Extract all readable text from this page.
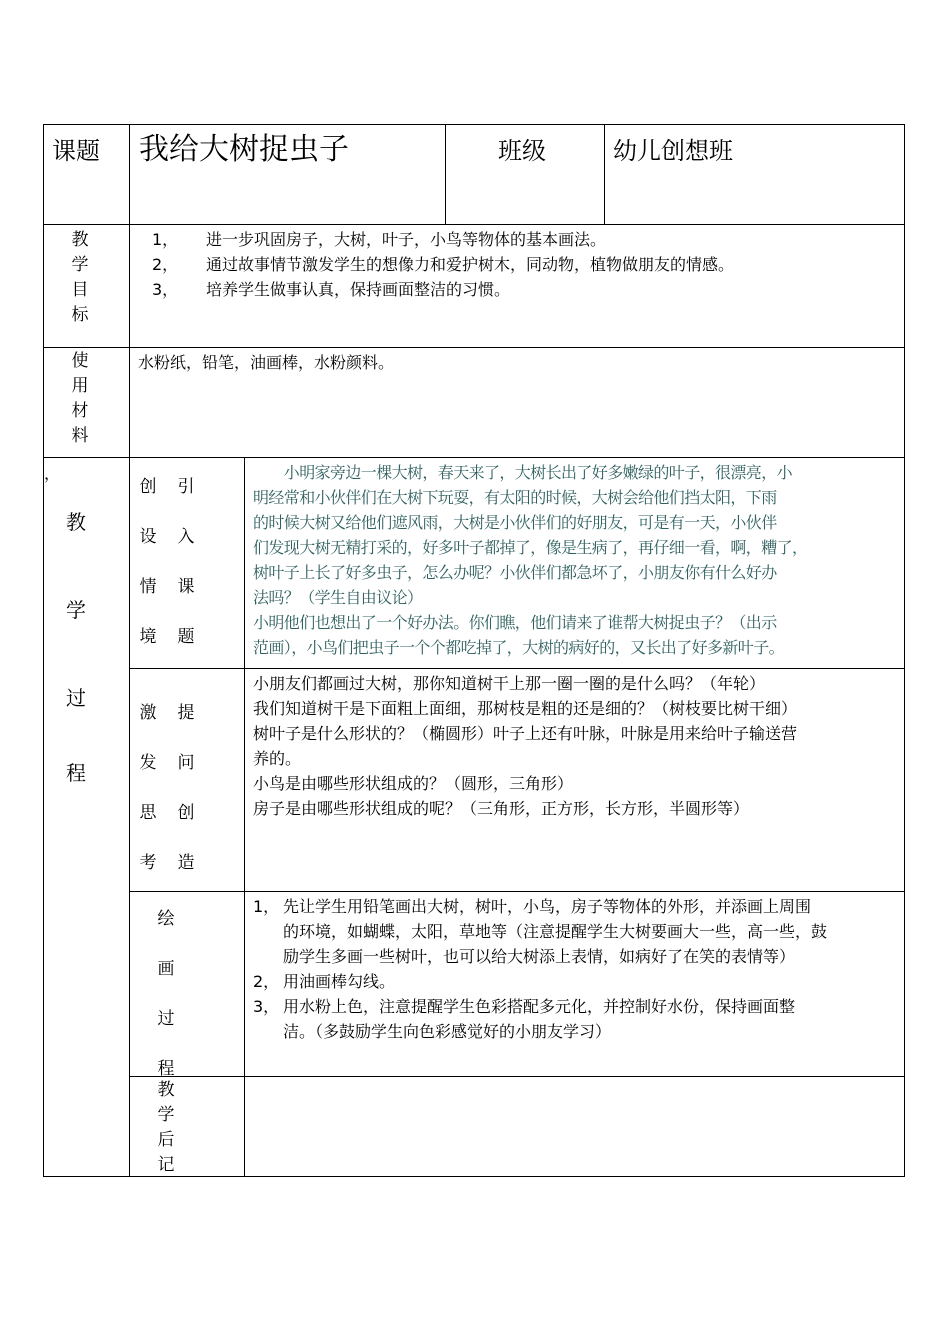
课题 我给大树捉虫子	班级	幼儿创想班
教
学
目
标
1， 进一步巩固房子，大树，叶子，小鸟等物体的基本画法。
2， 通过故事情节激发学生的想像力和爱护树木，同动物，植物做朋友的情感。
3， 培养学生做事认真，保持画面整洁的习惯。
使
用
材
料
水粉纸，铅笔，油画棒，水粉颜料。
，
教
学
过
程
创
设
情
境
引
入
课
题
　　小明家旁边一棵大树，春天来了，大树长出了好多嫩绿的叶子，很漂亮，小
明经常和小伙伴们在大树下玩耍，有太阳的时候，大树会给他们挡太阳，下雨
的时候大树又给他们遮风雨，大树是小伙伴们的好朋友，可是有一天，小伙伴
们发现大树无精打采的，好多叶子都掉了，像是生病了，再仔细一看，啊，糟了，
树叶子上长了好多虫子，怎么办呢？小伙伴们都急坏了，小朋友你有什么好办
法吗？（学生自由议论）
小明他们也想出了一个好办法。你们瞧，他们请来了谁帮大树捉虫子？（出示
范画），小鸟们把虫子一个个都吃掉了，大树的病好的，又长出了好多新叶子。
激
发
思
考
提
问
创
造
小朋友们都画过大树，那你知道树干上那一圈一圈的是什么吗？（年轮）
我们知道树干是下面粗上面细，那树枝是粗的还是细的？（树枝要比树干细）
树叶子是什么形状的？（椭圆形）叶子上还有叶脉，叶脉是用来给叶子输送营
养的。
小鸟是由哪些形状组成的？（圆形，三角形）
房子是由哪些形状组成的呢？（三角形，正方形，长方形，半圆形等）
绘
画
过
程
1， 先让学生用铅笔画出大树，树叶，小鸟，房子等物体的外形，并添画上周围
的环境，如蝴蝶，太阳，草地等（注意提醒学生大树要画大一些，高一些，鼓
励学生多画一些树叶，也可以给大树添上表情，如病好了在笑的表情等）
2， 用油画棒勾线。
3， 用水粉上色，注意提醒学生色彩搭配多元化，并控制好水份，保持画面整
洁。（多鼓励学生向色彩感觉好的小朋友学习）
教
学
后
记
